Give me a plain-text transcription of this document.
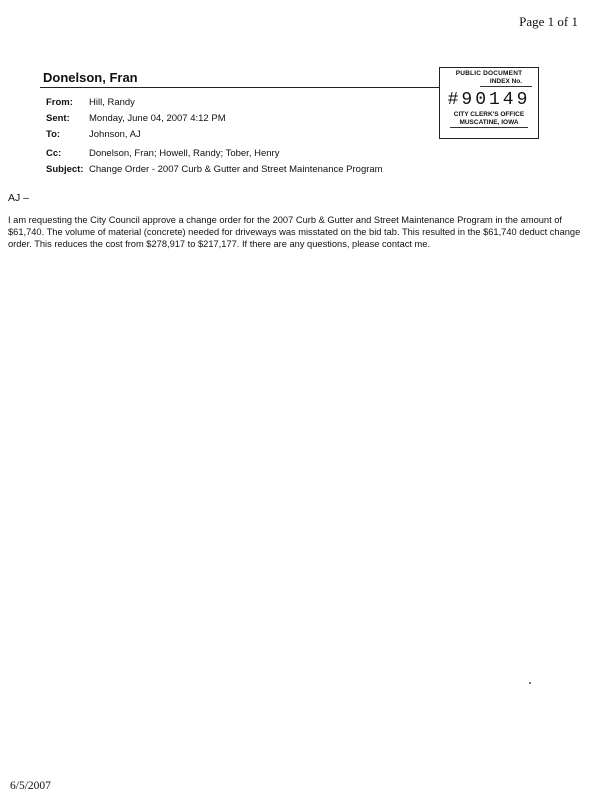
Page 1 of 1
Donelson, Fran	PUBLIC DOCUMENT
INDEX No.
#90149
CITY CLERK'S OFFICE
MUSCATINE, IOWA
From: Hill, Randy
Sent: Monday, June 04, 2007 4:12 PM
To:	Johnson, AJ
Cc:	Donelson, Fran; Howell, Randy; Tober, Henry
Subject: Change Order - 2007 Curb & Gutter and Street Maintenance Program
AJ –
I am requesting the City Council approve a change order for the 2007 Curb & Gutter and Street Maintenance Program in the amount of $61,740. The volume of material (concrete) needed for driveways was misstated on the bid tab. This resulted in the $61,740 deduct change order. This reduces the cost from $278,917 to $217,177. If there are any questions, please contact me.
6/5/2007
